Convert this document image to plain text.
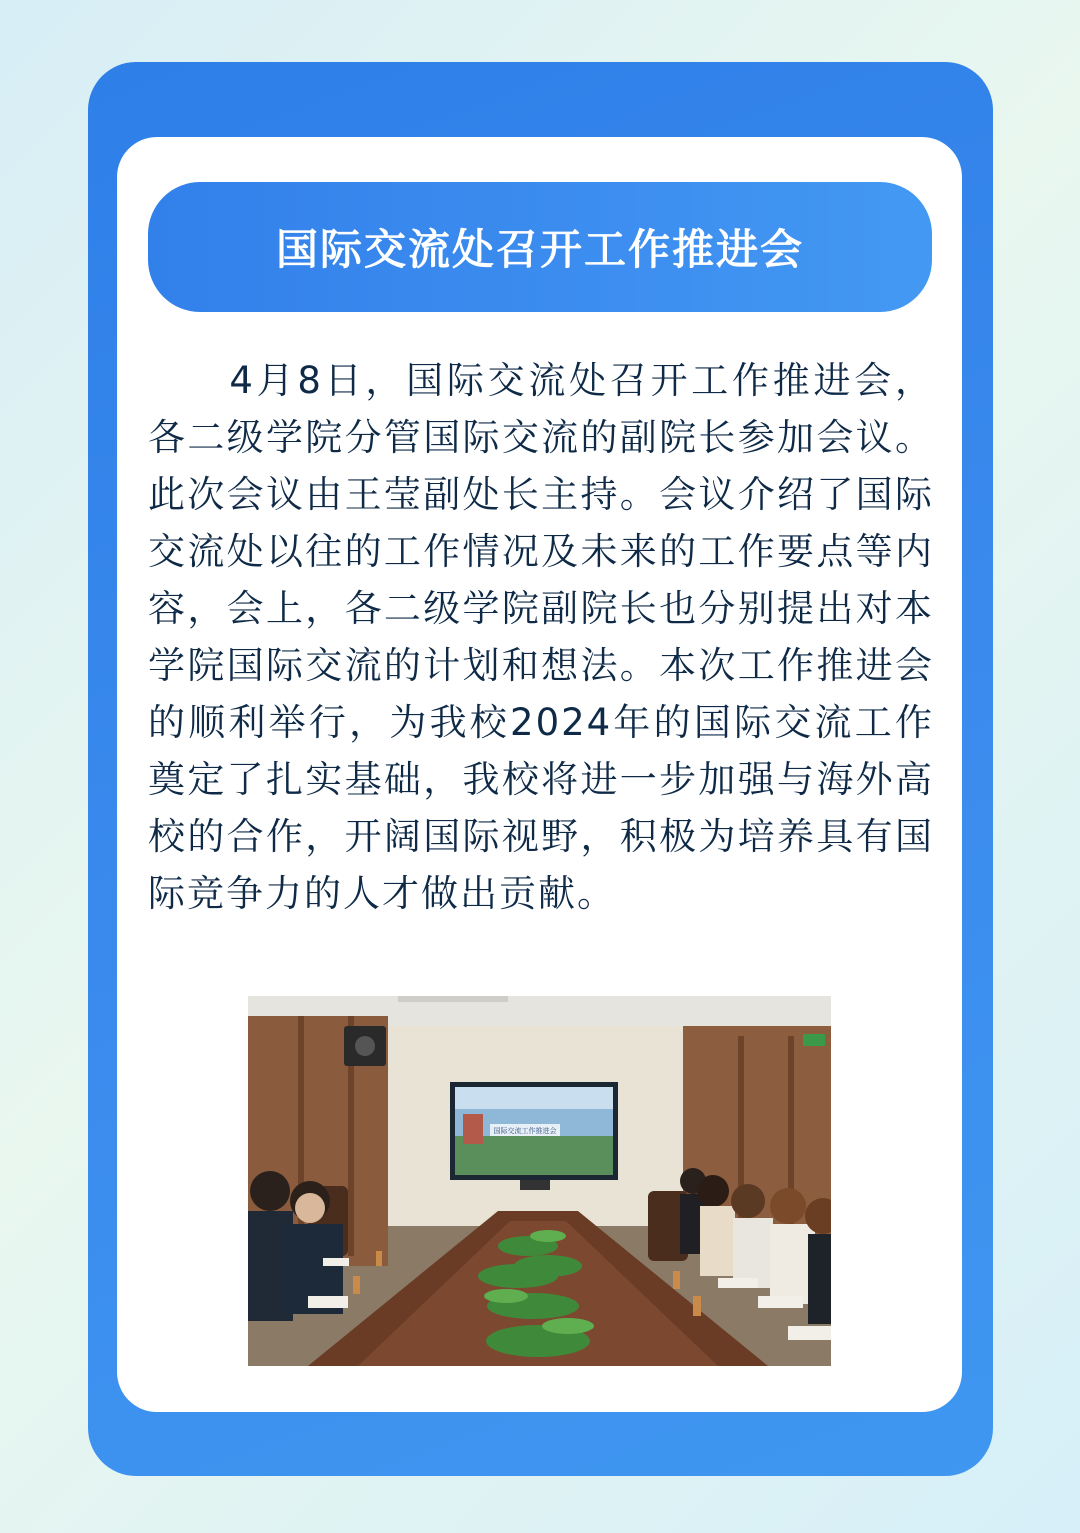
国际交流处召开工作推进会

4月8日，国际交流处召开工作推进会，各二级学院分管国际交流的副院长参加会议。此次会议由王莹副处长主持。会议介绍了国际交流处以往的工作情况及未来的工作要点等内容，会上，各二级学院副院长也分别提出对本学院国际交流的计划和想法。本次工作推进会的顺利举行，为我校2024年的国际交流工作奠定了扎实基础，我校将进一步加强与海外高校的合作，开阔国际视野，积极为培养具有国际竞争力的人才做出贡献。

国际交流工作推进会
